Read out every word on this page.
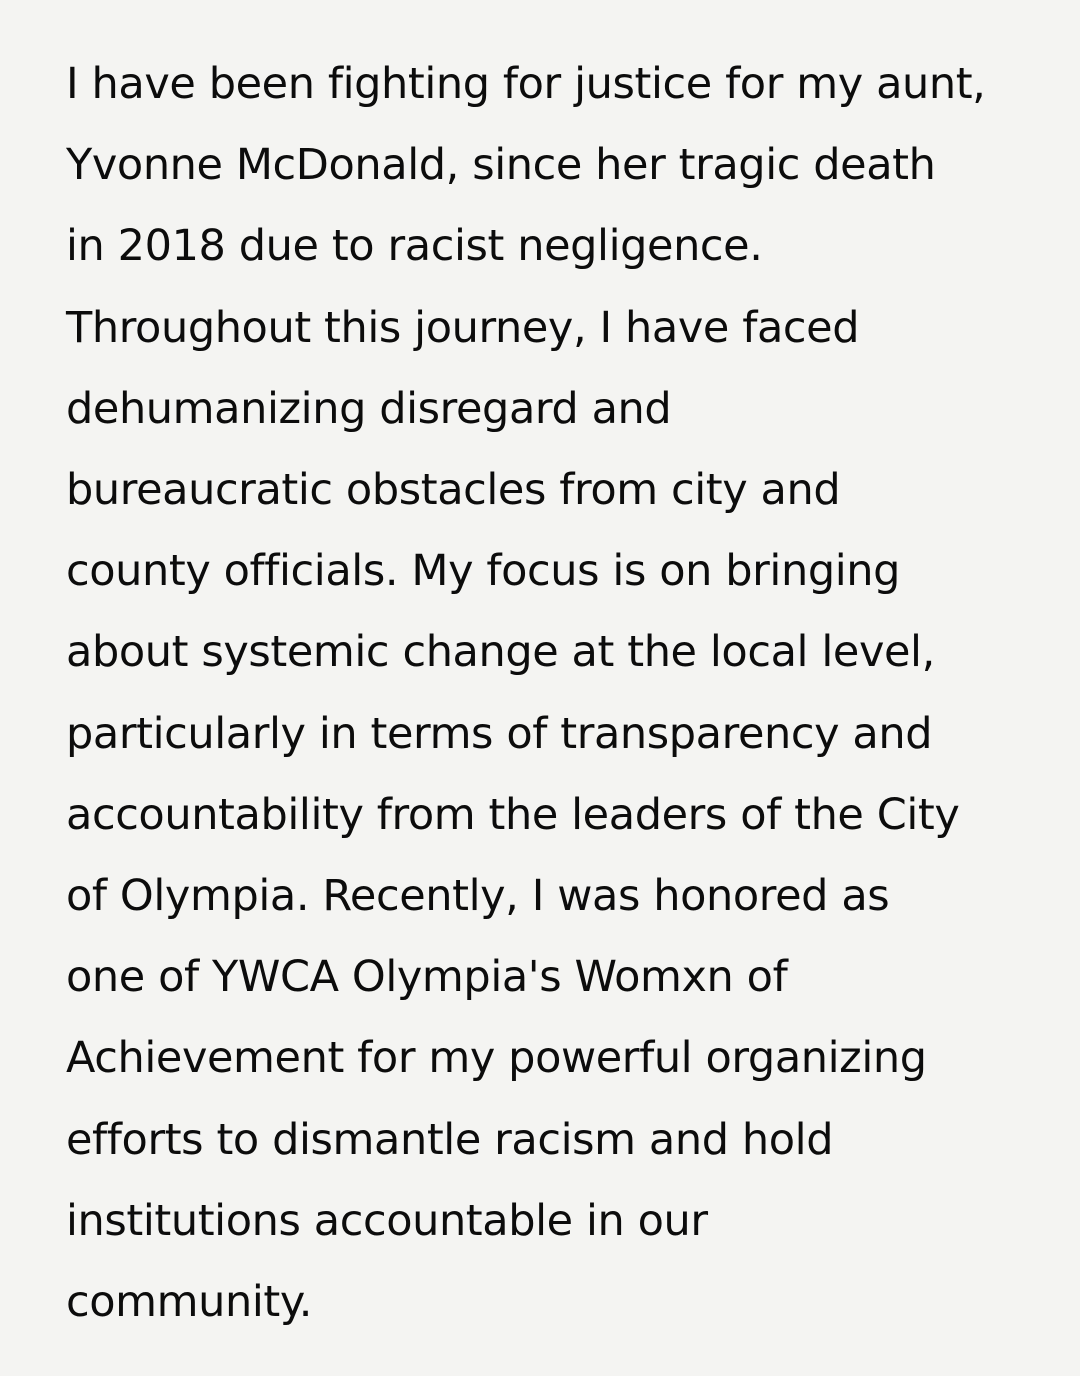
I have been fighting for justice for my aunt,
Yvonne McDonald, since her tragic death
in 2018 due to racist negligence.
Throughout this journey, I have faced
dehumanizing disregard and
bureaucratic obstacles from city and
county officials. My focus is on bringing
about systemic change at the local level,
particularly in terms of transparency and
accountability from the leaders of the City
of Olympia. Recently, I was honored as
one of YWCA Olympia's Womxn of
Achievement for my powerful organizing
efforts to dismantle racism and hold
institutions accountable in our
community.
